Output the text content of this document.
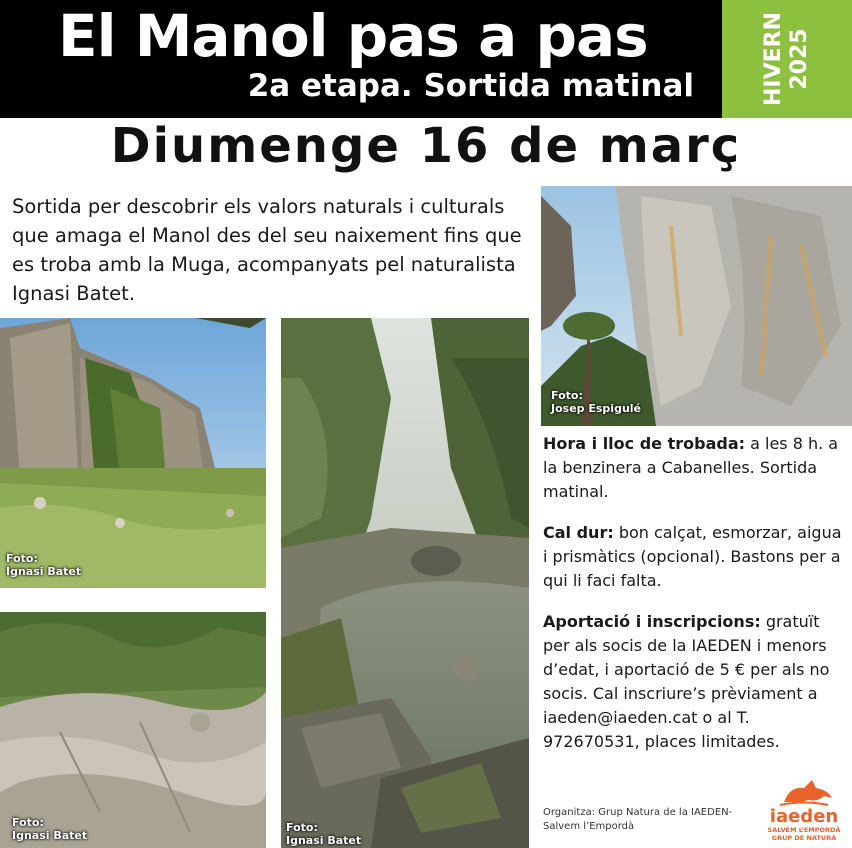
El Manol pas a pas
2a etapa. Sortida matinal	HIVERN 2025
Diumenge 16 de març
Sortida per descobrir els valors naturals i culturals que amaga el Manol des del seu naixement fins que es troba amb la Muga, acompanyats pel naturalista Ignasi Batet.
Foto:
Ignasi Batet
Foto:
Ignasi Batet
Foto:
Ignasi Batet
Foto:
Josep Espigulé

Hora i lloc de trobada: a les 8 h. a la benzinera a Cabanelles. Sortida matinal.

Cal dur: bon calçat, esmorzar, aigua i prismàtics (opcional). Bastons per a qui li faci falta.

Aportació i inscripcions: gratuït per als socis de la IAEDEN i menors d’edat, i aportació de 5 € per als no socis. Cal inscriure’s prèviament a iaeden@iaeden.cat o al T. 972670531, places limitades.

Organitza: Grup Natura de la IAEDEN-Salvem l’Empordà	iaeden
SALVEM L’EMPORDÀ
GRUP DE NATURA
